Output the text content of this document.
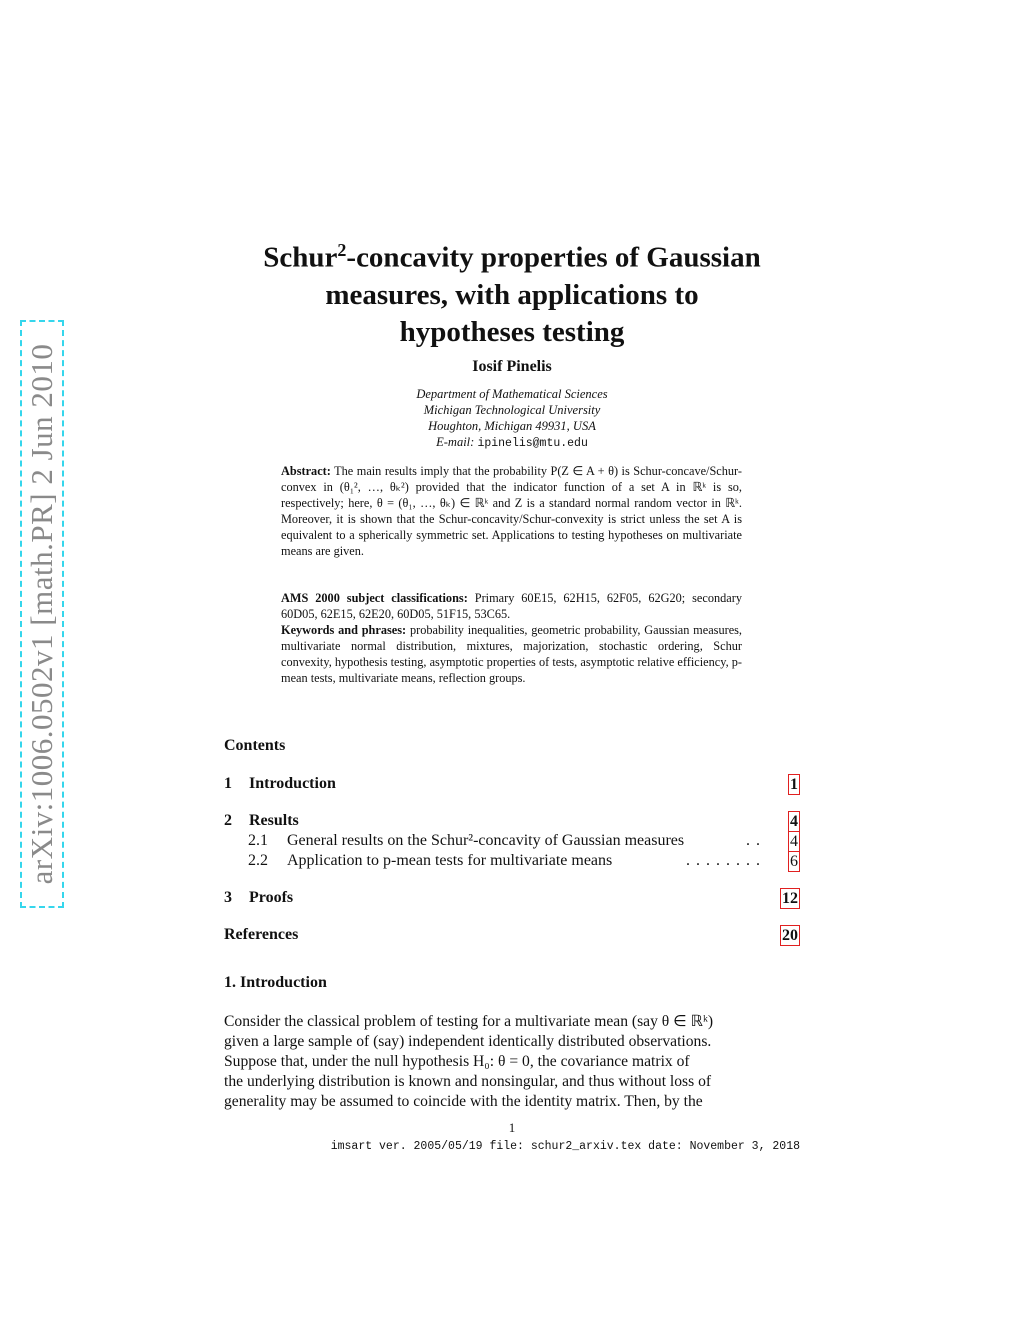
arXiv:1006.0502v1 [math.PR] 2 Jun 2010

Schur$^2$-concavity properties of Gaussian

measures, with applications to

hypotheses testing

Iosif Pinelis

Department of Mathematical Sciences

Michigan Technological University

Houghton, Michigan 49931, USA

E-mail: ipinelis@mtu.edu

Abstract: The main results imply that the probability P(Z ∈ A + θ) is Schur-concave/Schur-convex in (θ₁², …, θₖ²) provided that the indicator function of a set A in ℝᵏ is so, respectively; here, θ = (θ₁, …, θₖ) ∈ ℝᵏ and Z is a standard normal random vector in ℝᵏ. Moreover, it is shown that the Schur-concavity/Schur-convexity is strict unless the set A is equivalent to a spherically symmetric set. Applications to testing hypotheses on multivariate means are given.

AMS 2000 subject classifications: Primary 60E15, 62H15, 62F05, 62G20; secondary 60D05, 62E15, 62E20, 60D05, 51F15, 53C65.

Keywords and phrases: probability inequalities, geometric probability, Gaussian measures, multivariate normal distribution, mixtures, majorization, stochastic ordering, Schur convexity, hypothesis testing, asymptotic properties of tests, asymptotic relative efficiency, p-mean tests, multivariate means, reflection groups.

Contents
1 Introduction	1
2 Results	4
2.1 General results on the Schur²-concavity of Gaussian measures	.. 4
2.2 Application to p-mean tests for multivariate means	........ 6
3 Proofs	12
References	20
1. Introduction

Consider the classical problem of testing for a multivariate mean (say θ ∈ ℝᵏ)

given a large sample of (say) independent identically distributed observations.

Suppose that, under the null hypothesis H₀: θ = 0, the covariance matrix of

the underlying distribution is known and nonsingular, and thus without loss of

generality may be assumed to coincide with the identity matrix. Then, by the

1
imsart ver. 2005/05/19 file: schur2_arxiv.tex date: November 3, 2018
